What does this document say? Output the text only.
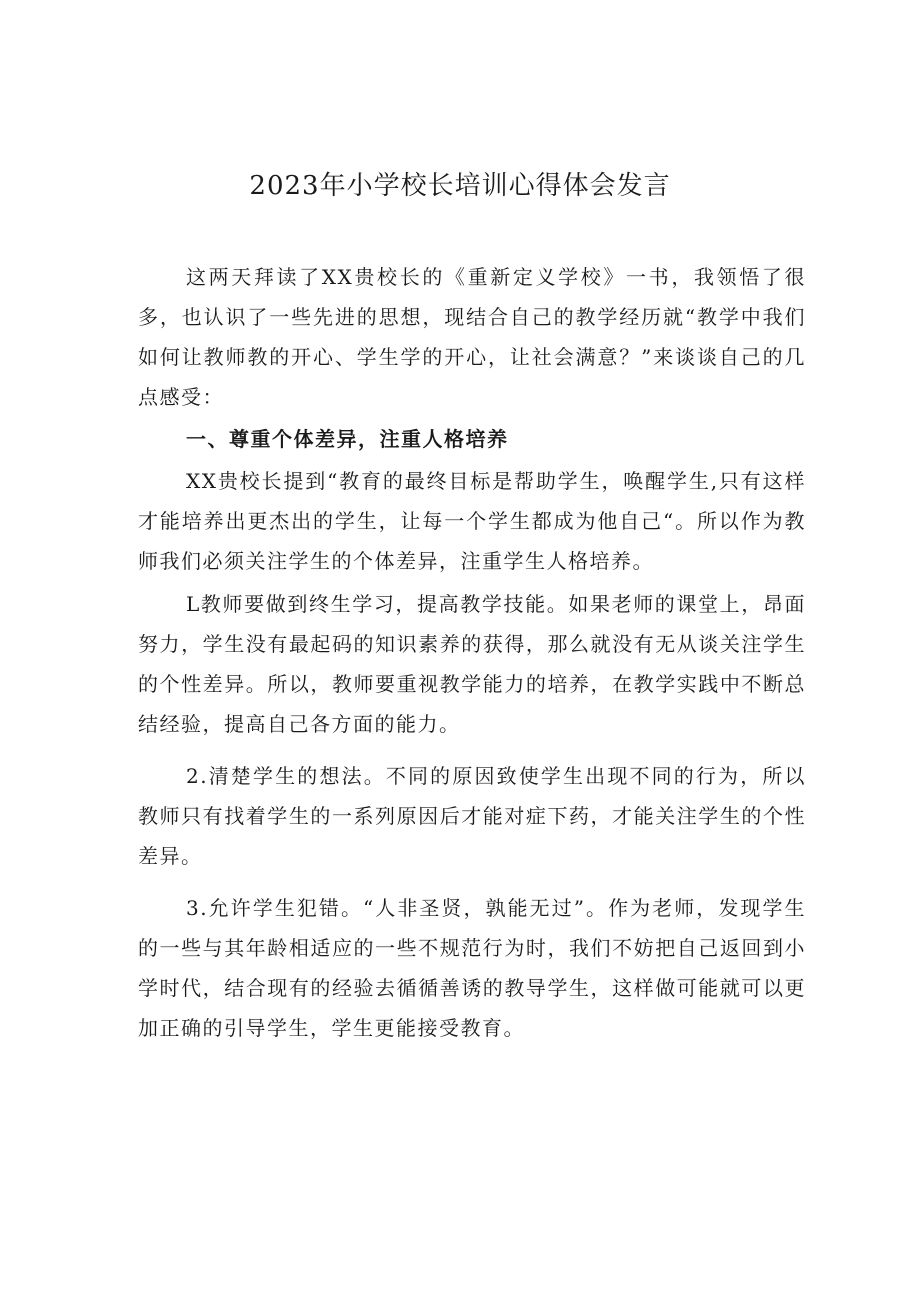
2023年小学校长培训心得体会发言

这两天拜读了XX贵校长的《重新定义学校》一书，我领悟了很多，也认识了一些先进的思想，现结合自己的教学经历就“教学中我们如何让教师教的开心、学生学的开心，让社会满意？”来谈谈自己的几点感受：

一、尊重个体差异，注重人格培养

XX贵校长提到“教育的最终目标是帮助学生，唤醒学生,只有这样才能培养出更杰出的学生，让每一个学生都成为他自己“。所以作为教师我们必须关注学生的个体差异，注重学生人格培养。

L教师要做到终生学习，提高教学技能。如果老师的课堂上，昂面努力，学生没有最起码的知识素养的获得，那么就没有无从谈关注学生的个性差异。所以，教师要重视教学能力的培养，在教学实践中不断总结经验，提高自己各方面的能力。

2.清楚学生的想法。不同的原因致使学生出现不同的行为，所以教师只有找着学生的一系列原因后才能对症下药，才能关注学生的个性差异。

3.允许学生犯错。“人非圣贤，孰能无过”。作为老师，发现学生的一些与其年龄相适应的一些不规范行为时，我们不妨把自己返回到小学时代，结合现有的经验去循循善诱的教导学生，这样做可能就可以更加正确的引导学生，学生更能接受教育。
